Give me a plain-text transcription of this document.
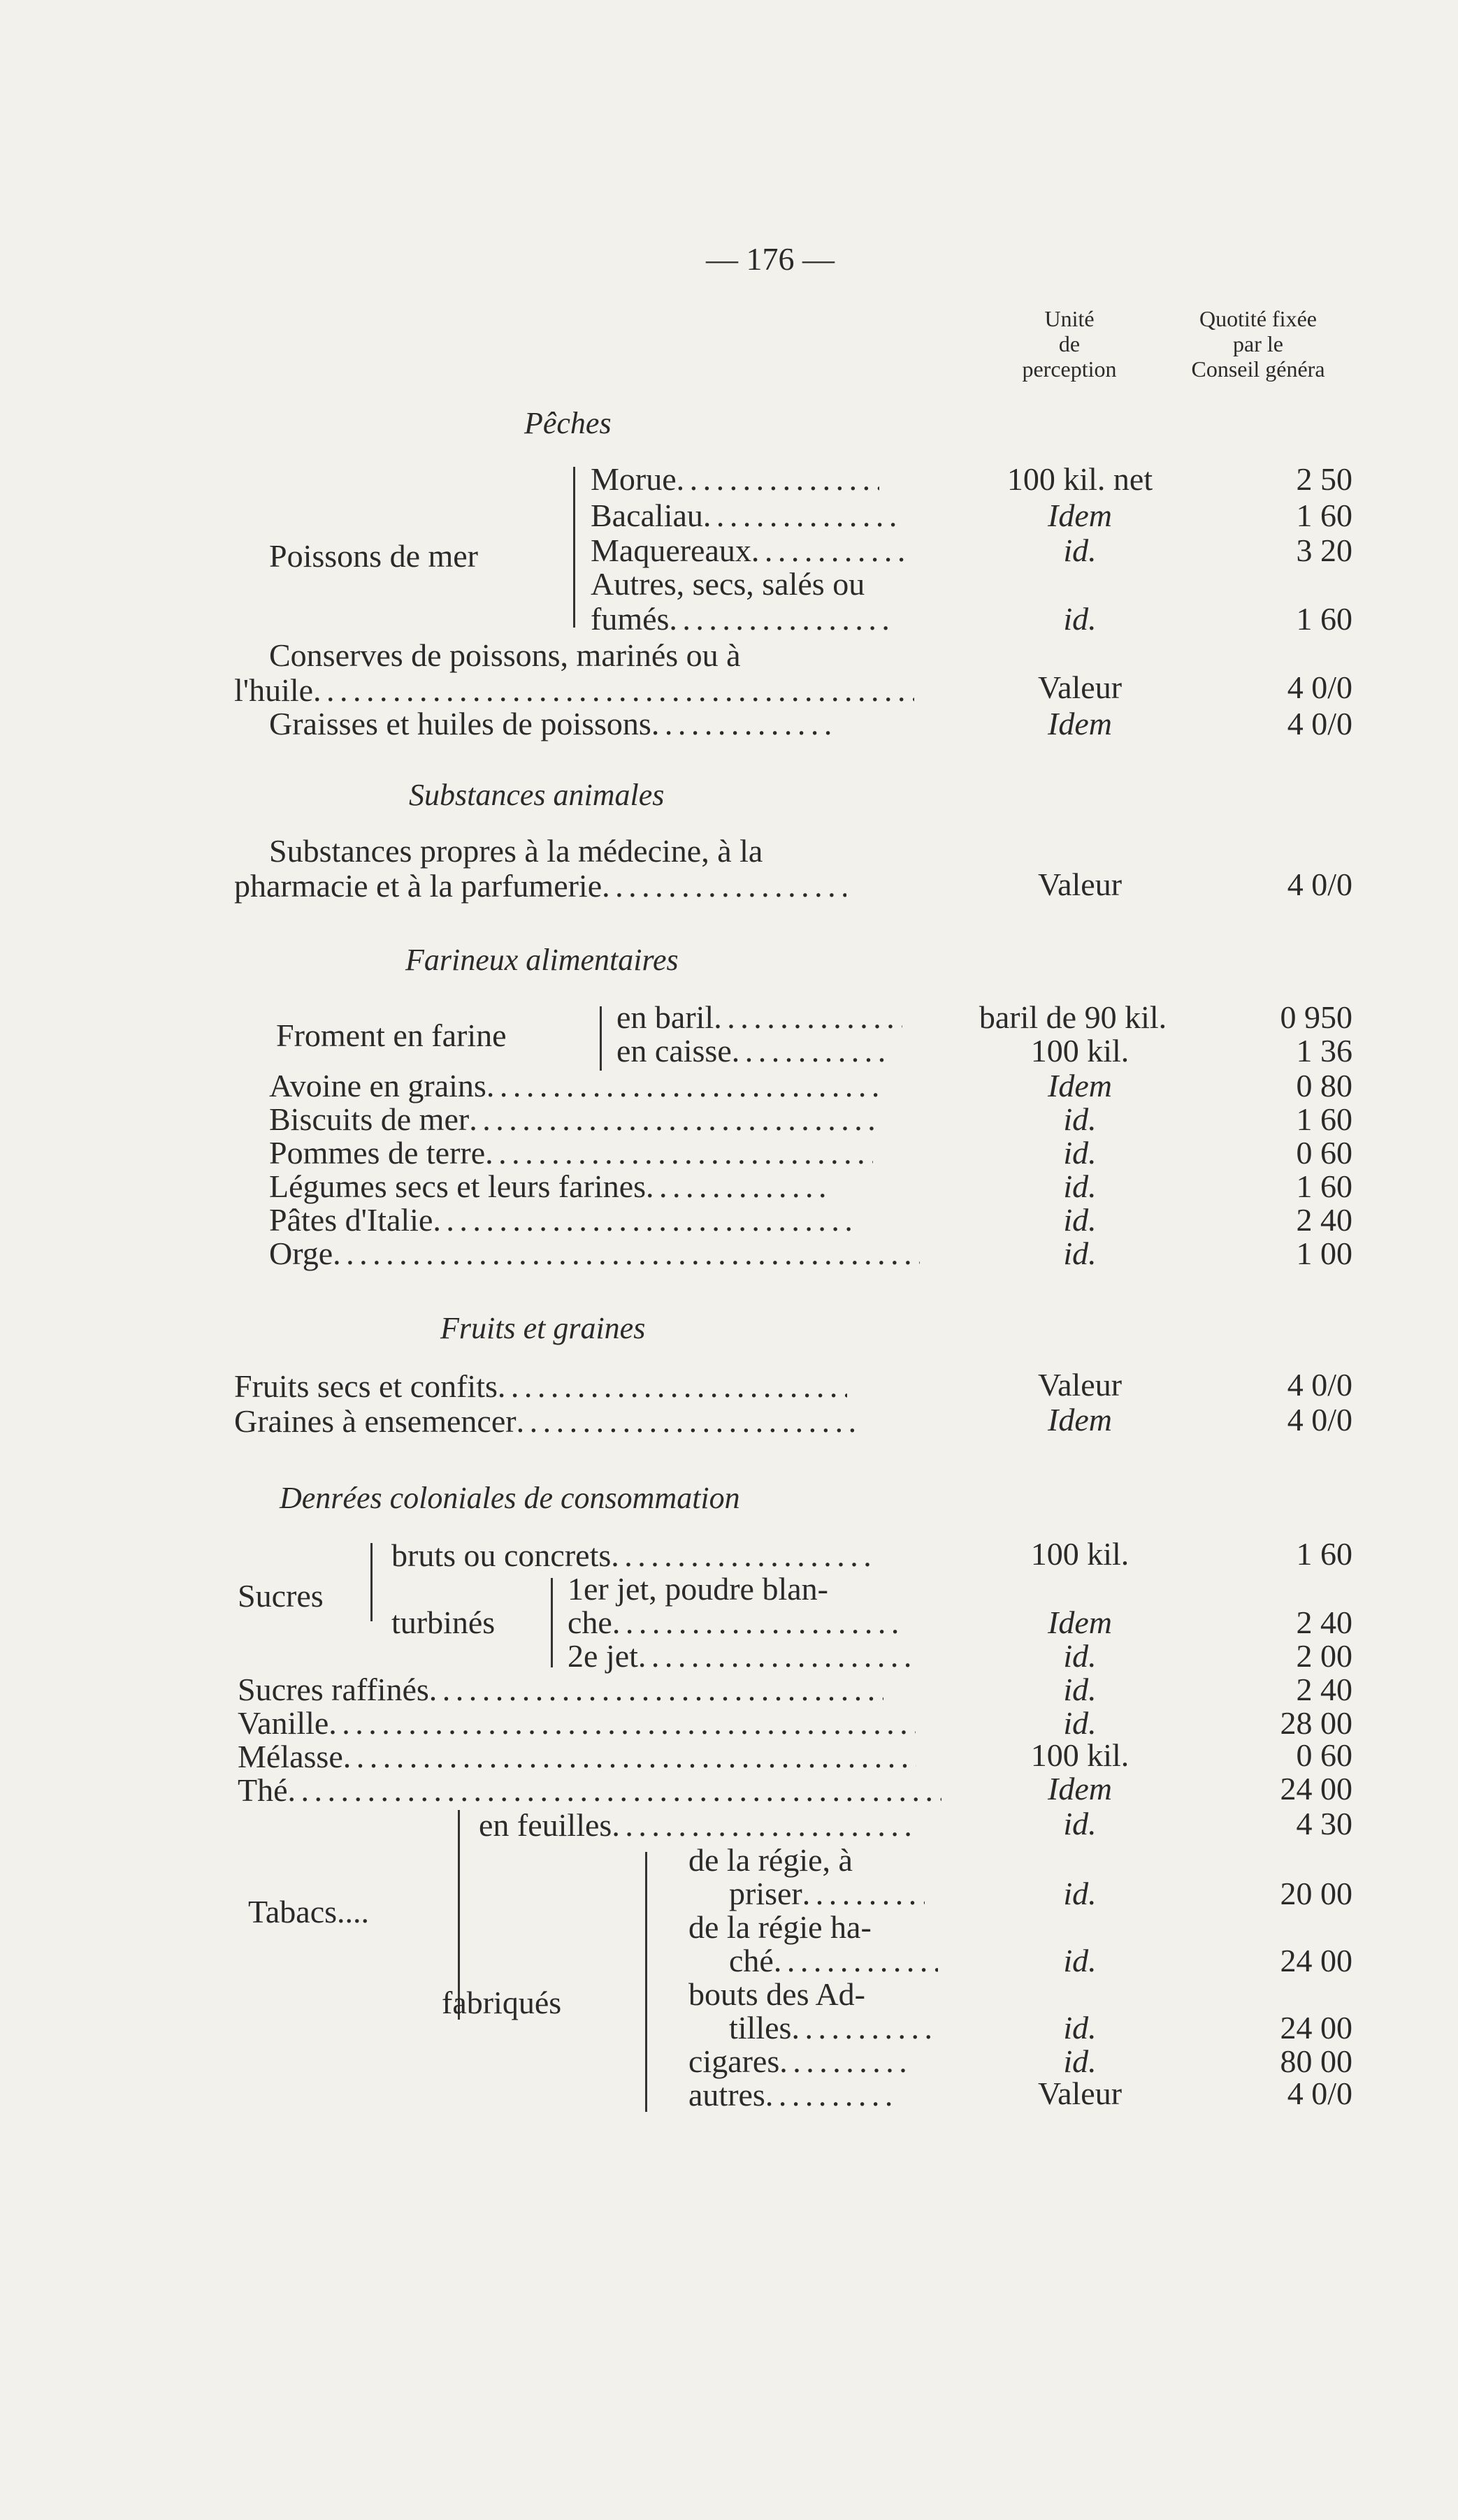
— 176 —
Unité
de
perception
Quotité fixée
par le
Conseil généra
Pêches
Poissons de mer
Morue . . .	100 kil. net	2 50
Bacaliau . . .	Idem	1 60
Maquereaux . . .	id.	3 20
Autres, secs, salés ou
fumés . . .	id.	1 60
Conserves de poissons, marinés ou à
l'huile . . .	Valeur	4 0/0
Graisses et huiles de poissons . . .	Idem	4 0/0
Substances animales
Substances propres à la médecine, à la
pharmacie et à la parfumerie . . .	Valeur	4 0/0
Farineux alimentaires
Froment en farine
en baril . . .	baril de 90 kil.	0 950
en caisse . . .	100 kil.	1 36
Avoine en grains . . .	Idem	0 80
Biscuits de mer . . .	id.	1 60
Pommes de terre . . .	id.	0 60
Légumes secs et leurs farines . . .	id.	1 60
Pâtes d'Italie . . .	id.	2 40
Orge . . .	id.	1 00
Fruits et graines
Fruits secs et confits . . .	Valeur	4 0/0
Graines à ensemencer . . .	Idem	4 0/0
Denrées coloniales de consommation
Sucres
bruts ou concrets . . .	100 kil.	1 60
turbinés
1er jet, poudre blan-
che . . .	Idem	2 40
2e jet . . .	id.	2 00
Sucres raffinés . . .	id.	2 40
Vanille . . .	id.	28 00
Mélasse . . .	100 kil.	0 60
Thé . . .	Idem	24 00
Tabacs....
en feuilles . . .	id.	4 30
fabriqués
de la régie, à
priser . . .	id.	20 00
de la régie ha-
ché . . .	id.	24 00
bouts des Ad-
tilles . . .	id.	24 00
cigares . . .	id.	80 00
autres . . .	Valeur	4 0/0
